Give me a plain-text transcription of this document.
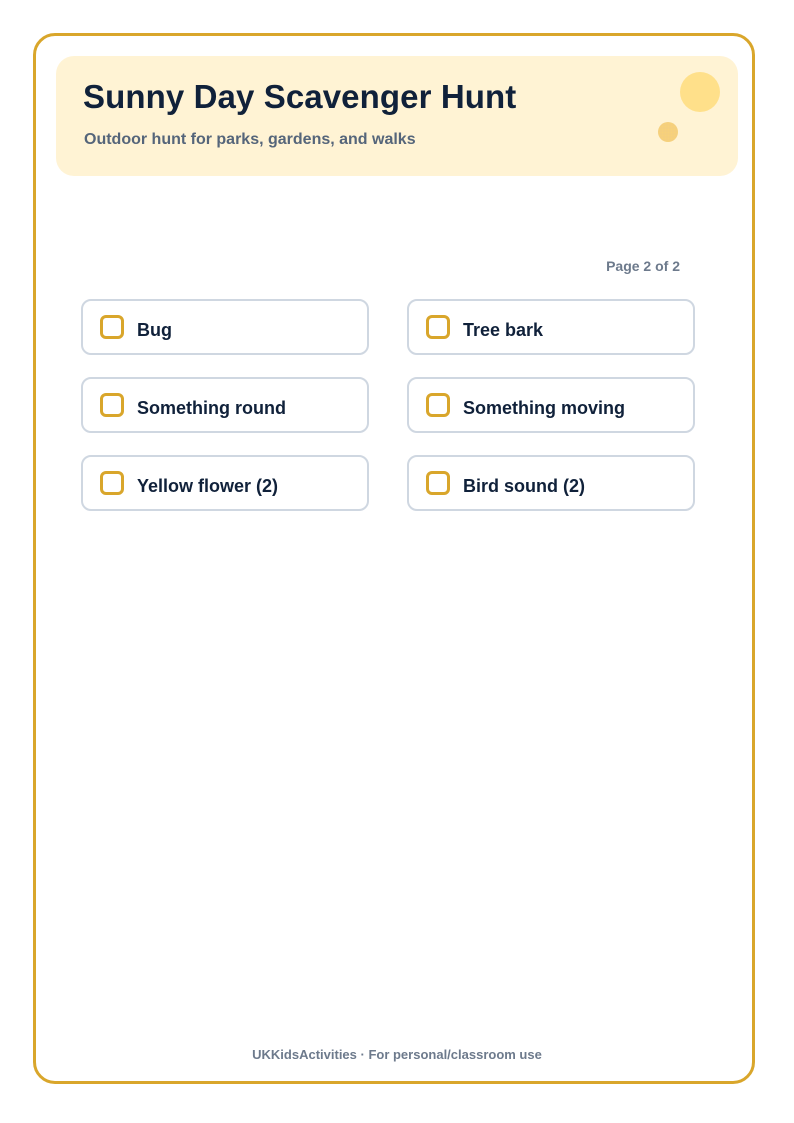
Sunny Day Scavenger Hunt

Outdoor hunt for parks, gardens, and walks

Page 2 of 2
Bug	Tree bark
Something round	Something moving
Yellow flower (2)	Bird sound (2)
UKKidsActivities · For personal/classroom use
